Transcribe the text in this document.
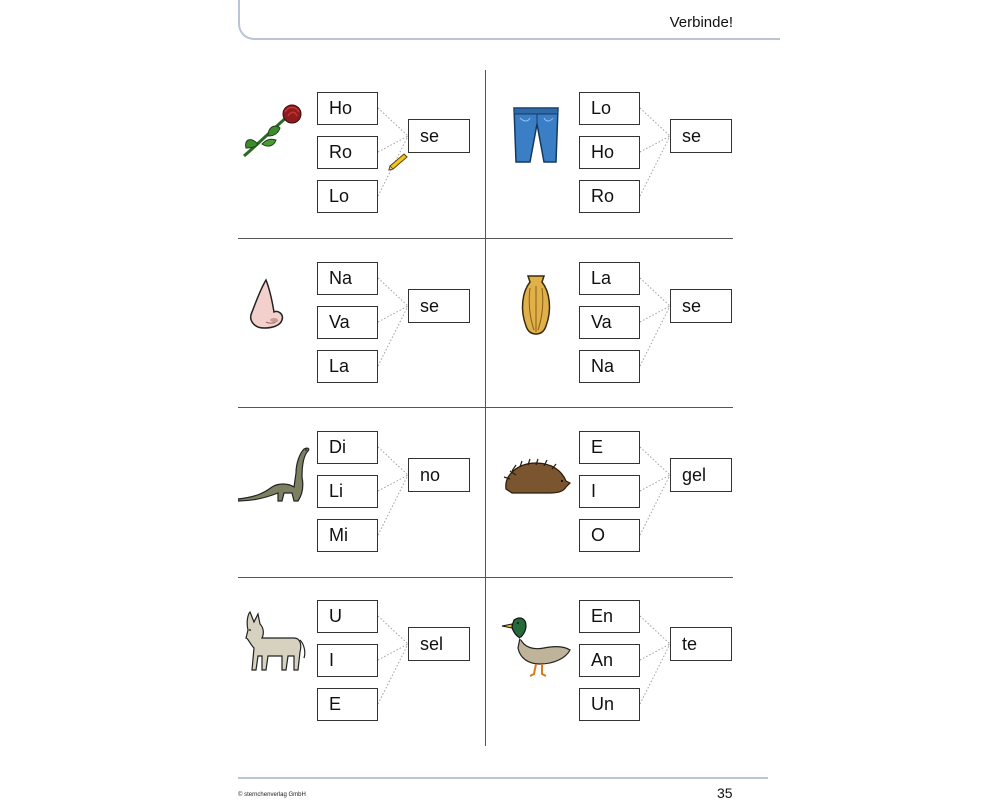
Verbinde!
Ho
Ro
Lo
se
Lo
Ho
Ro
se
Na
Va
La
se
La
Va
Na
se
Di
Li
Mi
no
E
I
O
gel
U
I
E
sel
En
An
Un
te
© sternchenverlag GmbH	35
